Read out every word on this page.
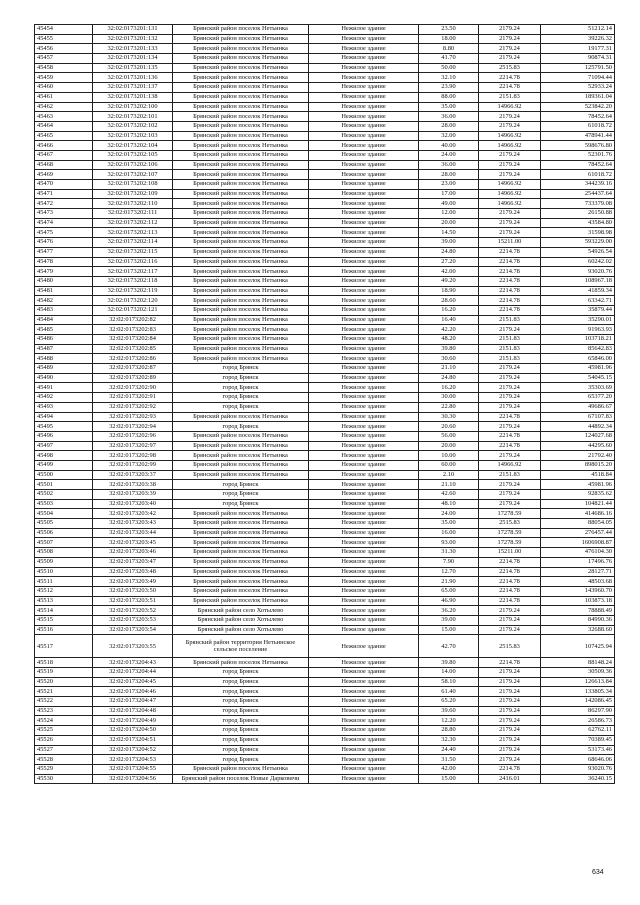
45454	32:02:0173201:131	Брянский район поселок Нетьинка	Нежилое здание	23.50	2179.24	51212.14
45455	32:02:0173201:132	Брянский район поселок Нетьинка	Нежилое здание	18.00	2179.24	39226.32
45456	32:02:0173201:133	Брянский район поселок Нетьинка	Нежилое здание	8.80	2179.24	19177.31
45457	32:02:0173201:134	Брянский район поселок Нетьинка	Нежилое здание	41.70	2179.24	90874.31
45458	32:02:0173201:135	Брянский район поселок Нетьинка	Нежилое здание	50.00	2515.83	125791.50
45459	32:02:0173201:136	Брянский район поселок Нетьинка	Нежилое здание	32.10	2214.78	71094.44
45460	32:02:0173201:137	Брянский район поселок Нетьинка	Нежилое здание	23.90	2214.78	52933.24
45461	32:02:0173201:138	Брянский район поселок Нетьинка	Нежилое здание	88.00	2151.83	189361.04
45462	32:02:0173202:100	Брянский район поселок Нетьинка	Нежилое здание	35.00	14966.92	523842.20
45463	32:02:0173202:101	Брянский район поселок Нетьинка	Нежилое здание	36.00	2179.24	78452.64
45464	32:02:0173202:102	Брянский район поселок Нетьинка	Нежилое здание	28.00	2179.24	61018.72
45465	32:02:0173202:103	Брянский район поселок Нетьинка	Нежилое здание	32.00	14966.92	478941.44
45466	32:02:0173202:104	Брянский район поселок Нетьинка	Нежилое здание	40.00	14966.92	598676.80
45467	32:02:0173202:105	Брянский район поселок Нетьинка	Нежилое здание	24.00	2179.24	52301.76
45468	32:02:0173202:106	Брянский район поселок Нетьинка	Нежилое здание	36.00	2179.24	78452.64
45469	32:02:0173202:107	Брянский район поселок Нетьинка	Нежилое здание	28.00	2179.24	61018.72
45470	32:02:0173202:108	Брянский район поселок Нетьинка	Нежилое здание	23.00	14966.92	344239.16
45471	32:02:0173202:109	Брянский район поселок Нетьинка	Нежилое здание	17.00	14966.92	254437.64
45472	32:02:0173202:110	Брянский район поселок Нетьинка	Нежилое здание	49.00	14966.92	733379.08
45473	32:02:0173202:111	Брянский район поселок Нетьинка	Нежилое здание	12.00	2179.24	26150.88
45474	32:02:0173202:112	Брянский район поселок Нетьинка	Нежилое здание	20.00	2179.24	43584.80
45475	32:02:0173202:113	Брянский район поселок Нетьинка	Нежилое здание	14.50	2179.24	31598.98
45476	32:02:0173202:114	Брянский район поселок Нетьинка	Нежилое здание	39.00	15211.00	593229.00
45477	32:02:0173202:115	Брянский район поселок Нетьинка	Нежилое здание	24.80	2214.78	54926.54
45478	32:02:0173202:116	Брянский район поселок Нетьинка	Нежилое здание	27.20	2214.78	60242.02
45479	32:02:0173202:117	Брянский район поселок Нетьинка	Нежилое здание	42.00	2214.78	93020.76
45480	32:02:0173202:118	Брянский район поселок Нетьинка	Нежилое здание	49.20	2214.78	108967.18
45481	32:02:0173202:119	Брянский район поселок Нетьинка	Нежилое здание	18.90	2214.78	41859.34
45482	32:02:0173202:120	Брянский район поселок Нетьинка	Нежилое здание	28.60	2214.78	63342.71
45483	32:02:0173202:121	Брянский район поселок Нетьинка	Нежилое здание	16.20	2214.78	35879.44
45484	32:02:0173202:82	Брянский район поселок Нетьинка	Нежилое здание	16.40	2151.83	35290.01
45485	32:02:0173202:83	Брянский район поселок Нетьинка	Нежилое здание	42.20	2179.24	91963.93
45486	32:02:0173202:84	Брянский район поселок Нетьинка	Нежилое здание	48.20	2151.83	103718.21
45487	32:02:0173202:85	Брянский район поселок Нетьинка	Нежилое здание	39.80	2151.83	85642.83
45488	32:02:0173202:86	Брянский район поселок Нетьинка	Нежилое здание	30.60	2151.83	65846.00
45489	32:02:0173202:87	город Брянск	Нежилое здание	21.10	2179.24	45981.96
45490	32:02:0173202:89	город Брянск	Нежилое здание	24.80	2179.24	54045.15
45491	32:02:0173202:90	город Брянск	Нежилое здание	16.20	2179.24	35303.69
45492	32:02:0173202:91	город Брянск	Нежилое здание	30.00	2179.24	65377.20
45493	32:02:0173202:92	город Брянск	Нежилое здание	22.80	2179.24	49686.67
45494	32:02:0173202:93	Брянский район поселок Нетьинка	Нежилое здание	30.30	2214.78	67107.83
45495	32:02:0173202:94	город Брянск	Нежилое здание	20.60	2179.24	44892.34
45496	32:02:0173202:96	Брянский район поселок Нетьинка	Нежилое здание	56.00	2214.78	124027.68
45497	32:02:0173202:97	Брянский район поселок Нетьинка	Нежилое здание	20.00	2214.78	44295.60
45498	32:02:0173202:98	Брянский район поселок Нетьинка	Нежилое здание	10.00	2179.24	21792.40
45499	32:02:0173202:99	Брянский район поселок Нетьинка	Нежилое здание	60.00	14966.92	898015.20
45500	32:02:0173203:37	Брянский район поселок Нетьинка	Нежилое здание	2.10	2151.83	4518.84
45501	32:02:0173203:38	город Брянск	Нежилое здание	21.10	2179.24	45981.96
45502	32:02:0173203:39	город Брянск	Нежилое здание	42.60	2179.24	92835.62
45503	32:02:0173203:40	город Брянск	Нежилое здание	48.10	2179.24	104821.44
45504	32:02:0173203:42	Брянский район поселок Нетьинка	Нежилое здание	24.00	17278.59	414686.16
45505	32:02:0173203:43	Брянский район поселок Нетьинка	Нежилое здание	35.00	2515.83	88054.05
45506	32:02:0173203:44	Брянский район поселок Нетьинка	Нежилое здание	16.00	17278.59	276457.44
45507	32:02:0173203:45	Брянский район поселок Нетьинка	Нежилое здание	93.00	17278.59	1606908.87
45508	32:02:0173203:46	Брянский район поселок Нетьинка	Нежилое здание	31.30	15211.00	476104.30
45509	32:02:0173203:47	Брянский район поселок Нетьинка	Нежилое здание	7.90	2214.78	17496.76
45510	32:02:0173203:48	Брянский район поселок Нетьинка	Нежилое здание	12.70	2214.78	28127.71
45511	32:02:0173203:49	Брянский район поселок Нетьинка	Нежилое здание	21.90	2214.78	48503.68
45512	32:02:0173203:50	Брянский район поселок Нетьинка	Нежилое здание	65.00	2214.78	143960.70
45513	32:02:0173203:51	Брянский район поселок Нетьинка	Нежилое здание	46.90	2214.78	103873.18
45514	32:02:0173203:52	Брянский район село Хотылево	Нежилое здание	36.20	2179.24	78888.49
45515	32:02:0173203:53	Брянский район село Хотылево	Нежилое здание	39.00	2179.24	84990.36
45516	32:02:0173203:54	Брянский район село Хотылево	Нежилое здание	15.00	2179.24	32688.60
45517	32:02:0173203:55	Брянский район территория Нетьинское сельское поселение	Нежилое здание	42.70	2515.83	107425.94
45518	32:02:0173204:43	Брянский район поселок Нетьинка	Нежилое здание	39.80	2214.78	88148.24
45519	32:02:0173204:44	город Брянск	Нежилое здание	14.00	2179.24	30509.36
45520	32:02:0173204:45	город Брянск	Нежилое здание	58.10	2179.24	126613.84
45521	32:02:0173204:46	город Брянск	Нежилое здание	61.40	2179.24	133805.34
45522	32:02:0173204:47	город Брянск	Нежилое здание	65.20	2179.24	142086.45
45523	32:02:0173204:48	город Брянск	Нежилое здание	39.60	2179.24	86297.90
45524	32:02:0173204:49	город Брянск	Нежилое здание	12.20	2179.24	26586.73
45525	32:02:0173204:50	город Брянск	Нежилое здание	28.80	2179.24	62762.11
45526	32:02:0173204:51	город Брянск	Нежилое здание	32.30	2179.24	70389.45
45527	32:02:0173204:52	город Брянск	Нежилое здание	24.40	2179.24	53173.46
45528	32:02:0173204:53	город Брянск	Нежилое здание	31.50	2179.24	68646.06
45529	32:02:0173204:55	Брянский район поселок Нетьинка	Нежилое здание	42.00	2214.78	93020.76
45530	32:02:0173204:56	Брянский район поселок Новые Дарковичи	Нежилое здание	15.00	2416.01	36240.15
634
